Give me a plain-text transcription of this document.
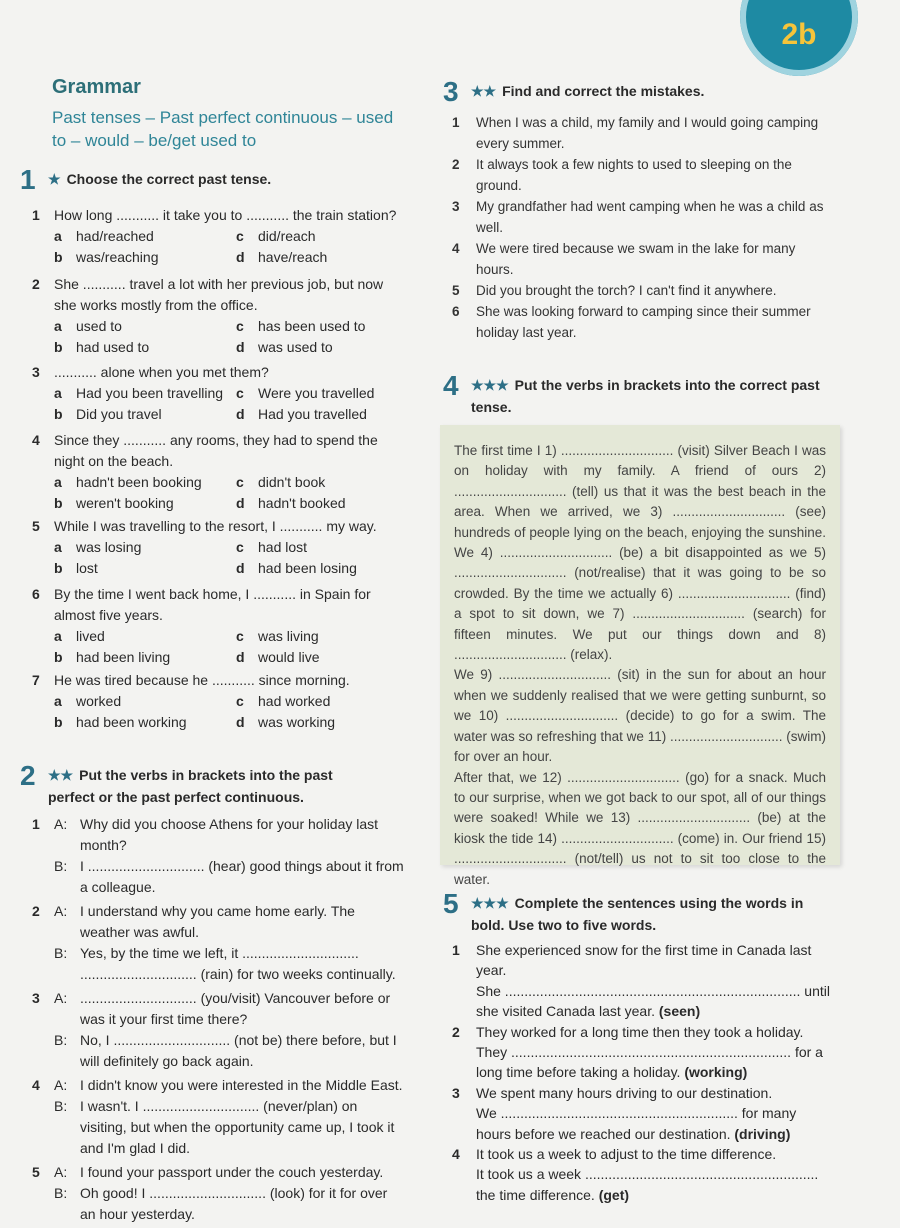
2b
Grammar
Past tenses – Past perfect continuous – used to – would – be/get used to
1 ★ Choose the correct past tense.
1	How long ........... it take you to ........... the train station?
a	had/reached	c	did/reach
b was/reaching	d have/reach
2	She ........... travel a lot with her previous job, but now she works mostly from the office.
a	used to	c	has been used to
b had used to	d was used to
3	........... alone when you met them?
a	Had you been travelling c	Were you travelled
b Did you travel	d Had you travelled
4	Since they ........... any rooms, they had to spend the night on the beach.
a	hadn't been booking	c	didn't book
b weren't booking	d hadn't booked
5	While I was travelling to the resort, I ........... my way.
a	was losing	c	had lost
b lost	d had been losing
6	By the time I went back home, I ........... in Spain for almost five years.
a	lived	c	was living
b had been living	d would live
7	He was tired because he ........... since morning.
a	worked	c	had worked
b had been working	d was working
2 ★★ Put the verbs in brackets into the past perfect or the past perfect continuous.
1	A: Why did you choose Athens for your holiday last month?
B: I .............................. (hear) good things about it from a colleague.
2	A: I understand why you came home early. The weather was awful.
B: Yes, by the time we left, it .............................. .............................. (rain) for two weeks continually.
3	A: .............................. (you/visit) Vancouver before or was it your first time there?
B: No, I .............................. (not be) there before, but I will definitely go back again.
4	A: I didn't know you were interested in the Middle East.
B: I wasn't. I .............................. (never/plan) on visiting, but when the opportunity came up, I took it and I'm glad I did.
5	A: I found your passport under the couch yesterday.
B: Oh good! I .............................. (look) for it for over an hour yesterday.
3 ★★ Find and correct the mistakes.
1	When I was a child, my family and I would going camping every summer.
2	It always took a few nights to used to sleeping on the ground.
3	My grandfather had went camping when he was a child as well.
4	We were tired because we swam in the lake for many hours.
5	Did you brought the torch? I can't find it anywhere.
6	She was looking forward to camping since their summer holiday last year.
4 ★★★ Put the verbs in brackets into the correct past tense.

The first time I 1) .............................. (visit) Silver Beach I was on holiday with my family. A friend of ours 2) .............................. (tell) us that it was the best beach in the area. When we arrived, we 3) .............................. (see) hundreds of people lying on the beach, enjoying the sunshine. We 4) .............................. (be) a bit disappointed as we 5) .............................. (not/realise) that it was going to be so crowded. By the time we actually 6) .............................. (find) a spot to sit down, we 7) .............................. (search) for fifteen minutes. We put our things down and 8) .............................. (relax).

We 9) .............................. (sit) in the sun for about an hour when we suddenly realised that we were getting sunburnt, so we 10) .............................. (decide) to go for a swim. The water was so refreshing that we 11) .............................. (swim) for over an hour.

After that, we 12) .............................. (go) for a snack. Much to our surprise, when we got back to our spot, all of our things were soaked! While we 13) .............................. (be) at the kiosk the tide 14) .............................. (come) in. Our friend 15) .............................. (not/tell) us not to sit too close to the water.

5 ★★★ Complete the sentences using the words in bold. Use two to five words.
1	She experienced snow for the first time in Canada last year.
She ............................................................................ until she visited Canada last year. (seen)
2	They worked for a long time then they took a holiday.
They ........................................................................ for a long time before taking a holiday. (working)
3	We spent many hours driving to our destination.
We ............................................................. for many hours before we reached our destination. (driving)
4	It took us a week to adjust to the time difference.
It took us a week ............................................................ the time difference. (get)
